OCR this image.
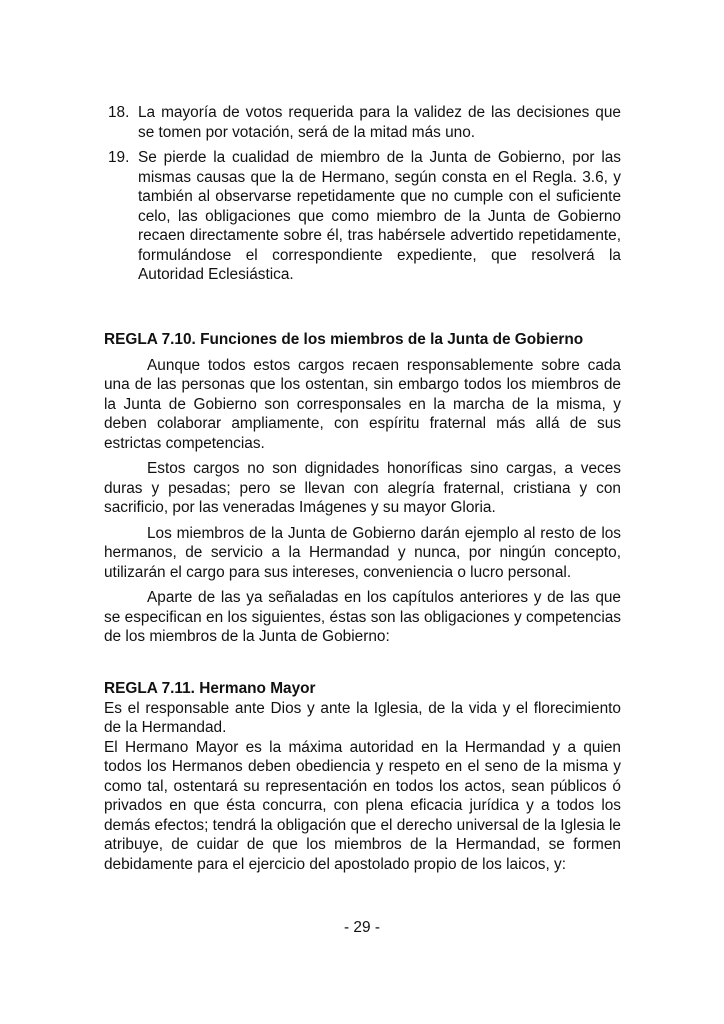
18. La mayoría de votos requerida para la validez de las decisiones que se tomen por votación, será de la mitad más uno.
19. Se pierde la cualidad de miembro de la Junta de Gobierno, por las mismas causas que la de Hermano, según consta en el Regla. 3.6, y también al observarse repetidamente que no cumple con el suficiente celo, las obligaciones que como miembro de la Junta de Gobierno recaen directamente sobre él, tras habérsele advertido repetidamente, formulándose el correspondiente expediente, que resolverá la Autoridad Eclesiástica.

REGLA 7.10. Funciones de los miembros de la Junta de Gobierno

Aunque todos estos cargos recaen responsablemente sobre cada una de las personas que los ostentan, sin embargo todos los miembros de la Junta de Gobierno son corresponsales en la marcha de la misma, y deben colaborar ampliamente, con espíritu fraternal más allá de sus estrictas competencias.

Estos cargos no son dignidades honoríficas sino cargas, a veces duras y pesadas; pero se llevan con alegría fraternal, cristiana y con sacrificio, por las veneradas Imágenes y su mayor Gloria.

Los miembros de la Junta de Gobierno darán ejemplo al resto de los hermanos, de servicio a la Hermandad y nunca, por ningún concepto, utilizarán el cargo para sus intereses, conveniencia o lucro personal.

Aparte de las ya señaladas en los capítulos anteriores y de las que se especifican en los siguientes, éstas son las obligaciones y competencias de los miembros de la Junta de Gobierno:

REGLA 7.11. Hermano Mayor

Es el responsable ante Dios y ante la Iglesia, de la vida y el florecimiento de la Hermandad.

El Hermano Mayor es la máxima autoridad en la Hermandad y a quien todos los Hermanos deben obediencia y respeto en el seno de la misma y como tal, ostentará su representación en todos los actos, sean públicos ó privados en que ésta concurra, con plena eficacia jurídica y a todos los demás efectos; tendrá la obligación que el derecho universal de la Iglesia le atribuye, de cuidar de que los miembros de la Hermandad, se formen debidamente para el ejercicio del apostolado propio de los laicos, y:

- 29 -
